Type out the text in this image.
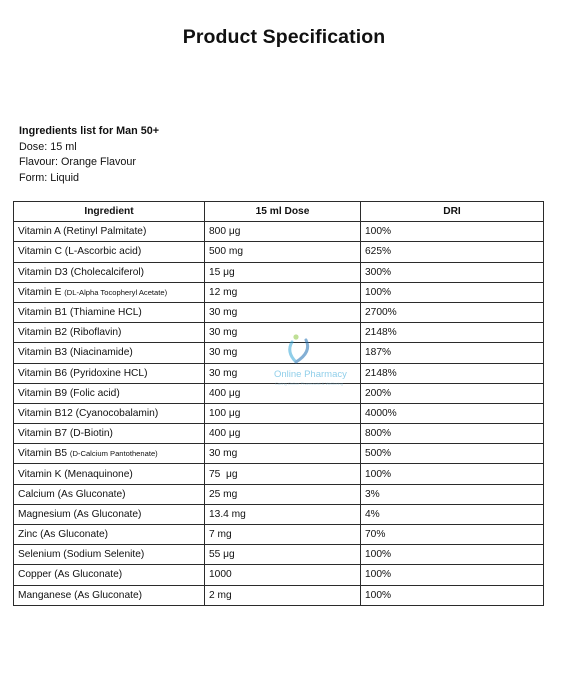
Product Specification
Ingredients list for Man 50+
Dose: 15 ml
Flavour: Orange Flavour
Form: Liquid
Ingredient	15 ml Dose	DRI
Vitamin A (Retinyl Palmitate)	800 μg	100%
Vitamin C (L-Ascorbic acid)	500 mg	625%
Vitamin D3 (Cholecalciferol)	15 μg	300%
Vitamin E (DL-Alpha Tocopheryl Acetate)	12 mg	100%
Vitamin B1 (Thiamine HCL)	30 mg	2700%
Vitamin B2 (Riboflavin)	30 mg	2148%
Vitamin B3 (Niacinamide)	30 mg	187%
Vitamin B6 (Pyridoxine HCL)	30 mg	2148%
Vitamin B9 (Folic acid)	400 μg	200%
Vitamin B12 (Cyanocobalamin)	100 μg	4000%
Vitamin B7 (D-Biotin)	400 μg	800%
Vitamin B5 (D-Calcium Pantothenate)	30 mg	500%
Vitamin K (Menaquinone)	75  μg	100%
Calcium (As Gluconate)	25 mg	3%
Magnesium (As Gluconate)	13.4 mg	4%
Zinc (As Gluconate)	7 mg	70%
Selenium (Sodium Selenite)	55 μg	100%
Copper (As Gluconate)	1000	100%
Manganese (As Gluconate)	2 mg	100%
Online Pharmacy
Caring Online Pharmacist & Wellbeing
